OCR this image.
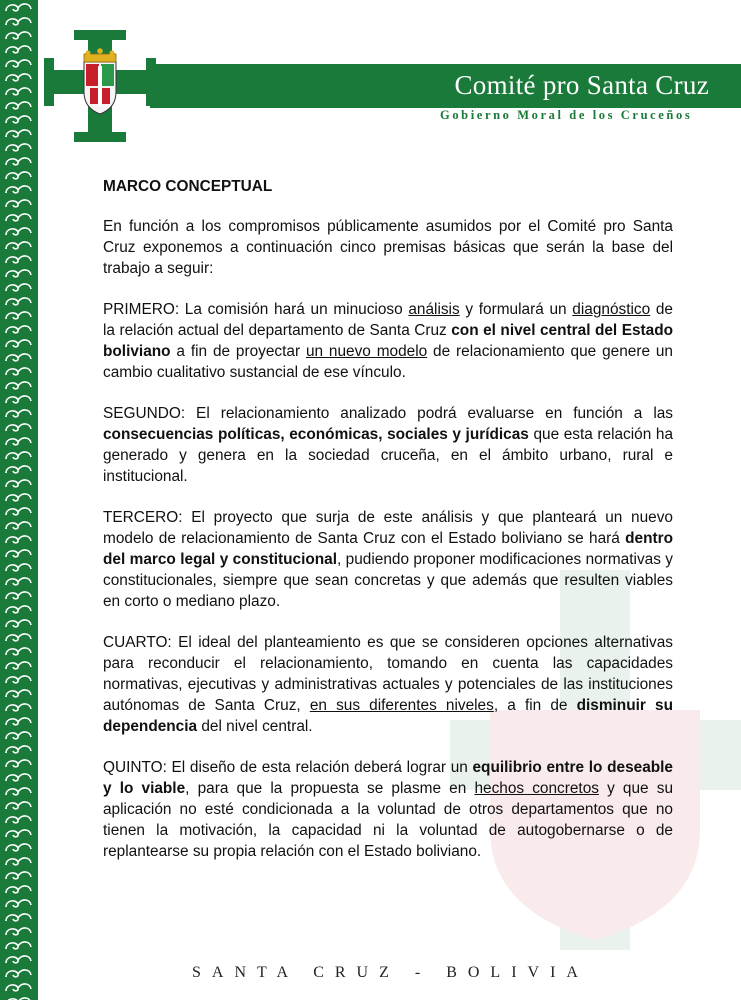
Comité pro Santa Cruz
Gobierno Moral de los Cruceños
MARCO CONCEPTUAL

En función a los compromisos públicamente asumidos por el Comité pro Santa Cruz exponemos a continuación cinco premisas básicas que serán la base del trabajo a seguir:

PRIMERO: La comisión hará un minucioso análisis y formulará un diagnóstico de la relación actual del departamento de Santa Cruz con el nivel central del Estado boliviano a fin de proyectar un nuevo modelo de relacionamiento que genere un cambio cualitativo sustancial de ese vínculo.

SEGUNDO: El relacionamiento analizado podrá evaluarse en función a las consecuencias políticas, económicas, sociales y jurídicas que esta relación ha generado y genera en la sociedad cruceña, en el ámbito urbano, rural e institucional.

TERCERO: El proyecto que surja de este análisis y que planteará un nuevo modelo de relacionamiento de Santa Cruz con el Estado boliviano se hará dentro del marco legal y constitucional, pudiendo proponer modificaciones normativas y constitucionales, siempre que sean concretas y que además que resulten viables en corto o mediano plazo.

CUARTO: El ideal del planteamiento es que se consideren opciones alternativas para reconducir el relacionamiento, tomando en cuenta las capacidades normativas, ejecutivas y administrativas actuales y potenciales de las instituciones autónomas de Santa Cruz, en sus diferentes niveles, a fin de disminuir su dependencia del nivel central.

QUINTO: El diseño de esta relación deberá lograr un equilibrio entre lo deseable y lo viable, para que la propuesta se plasme en hechos concretos y que su aplicación no esté condicionada a la voluntad de otros departamentos que no tienen la motivación, la capacidad ni la voluntad de autogobernarse o de replantearse su propia relación con el Estado boliviano.

SANTA CRUZ - BOLIVIA
